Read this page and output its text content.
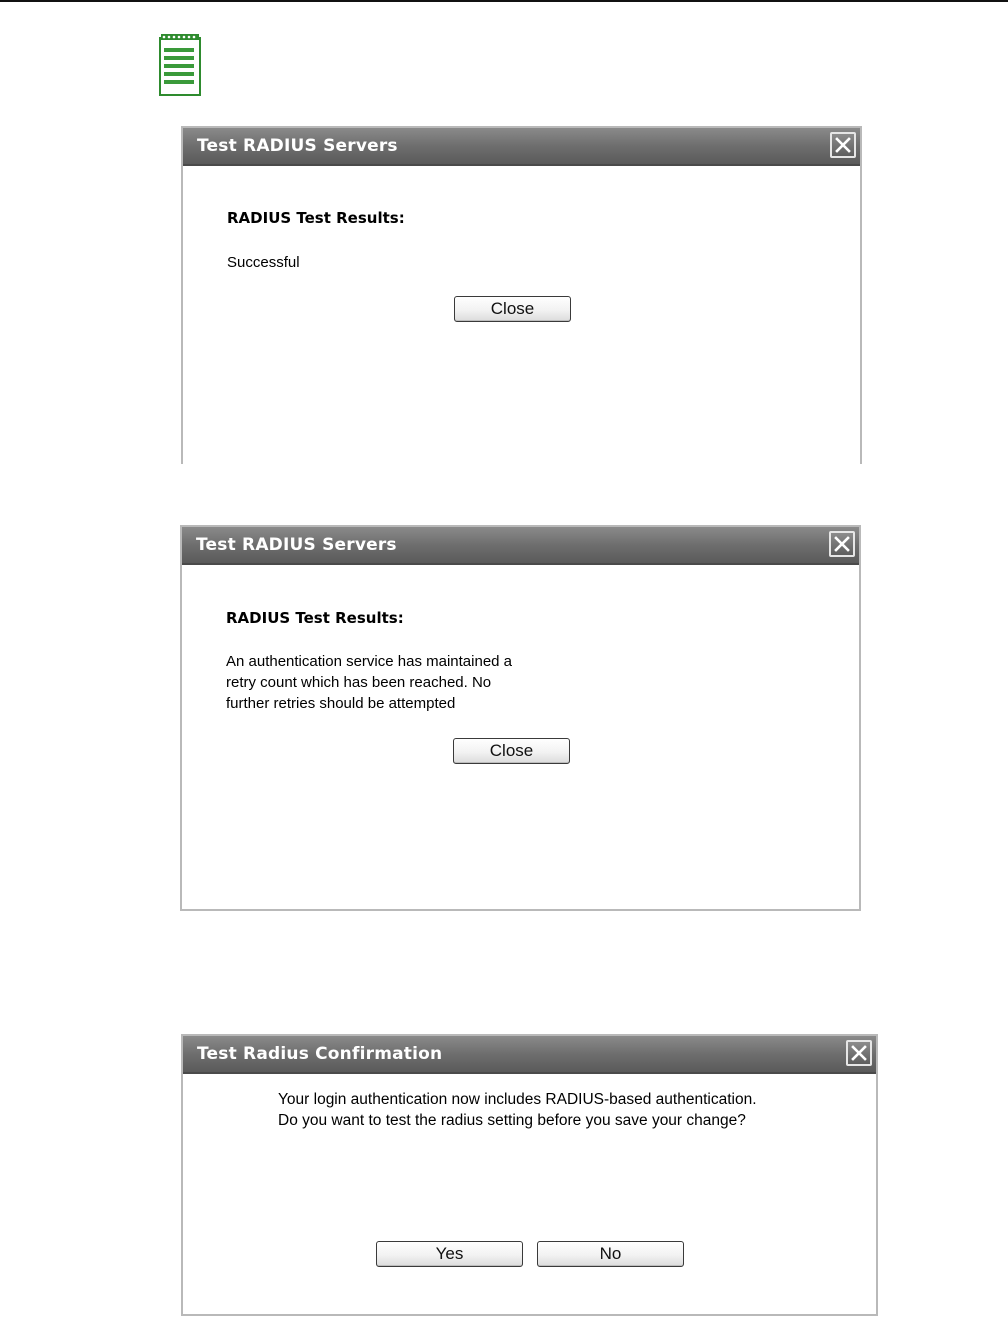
Test RADIUS Servers
RADIUS Test Results:
Successful
Close
Test RADIUS Servers
RADIUS Test Results:
An authentication service has maintained a
retry count which has been reached. No
further retries should be attempted
Close
Test Radius Confirmation
Your login authentication now includes RADIUS-based authentication.
Do you want to test the radius setting before you save your change?
Yes	No
